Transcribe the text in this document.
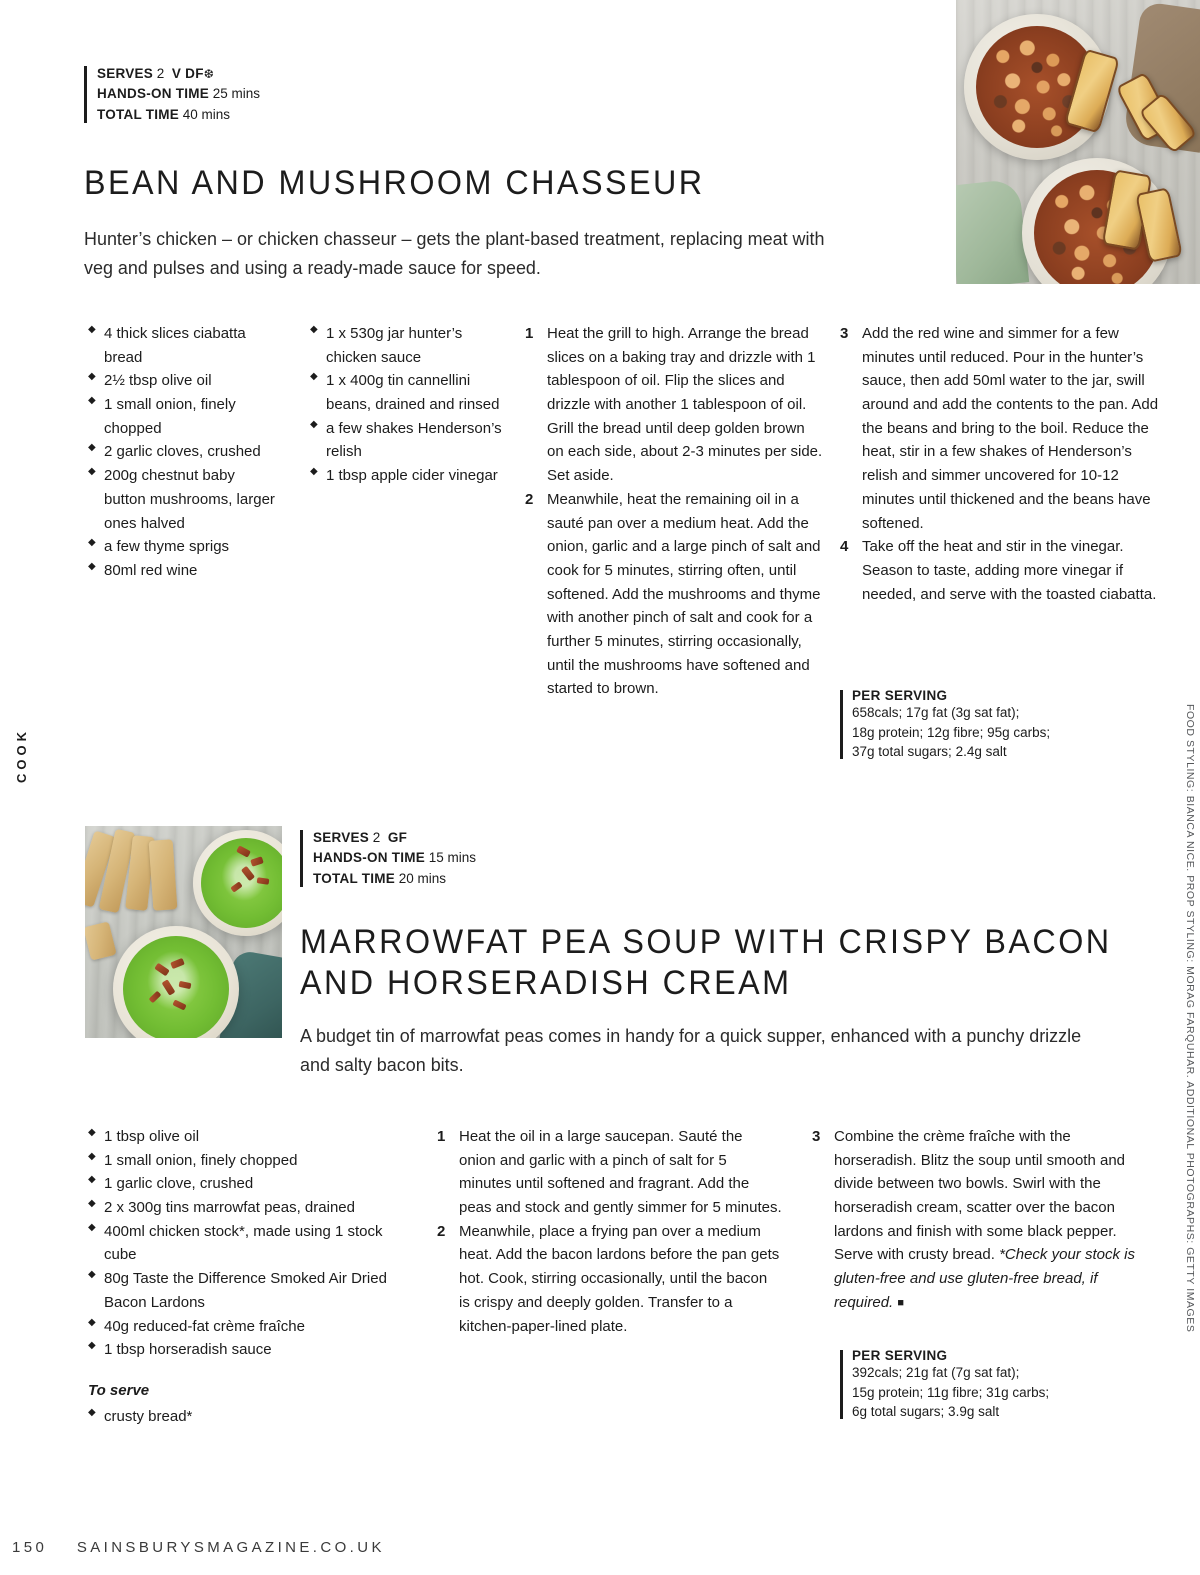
COOK	FOOD STYLING: BIANCA NICE. PROP STYLING: MORAG FARQUHAR. ADDITIONAL PHOTOGRAPHS: GETTY IMAGES
SERVES 2 V DF❆
HANDS-ON TIME 25 mins
TOTAL TIME 40 mins
BEAN AND MUSHROOM CHASSEUR

Hunter’s chicken – or chicken chasseur – gets the plant-based treatment, replacing meat with veg and pulses and using a ready-made sauce for speed.

◆ 4 thick slices ciabatta bread
◆ 2½ tbsp olive oil
◆ 1 small onion, finely chopped
◆ 2 garlic cloves, crushed
◆ 200g chestnut baby button mushrooms, larger ones halved
◆ a few thyme sprigs
◆ 80ml red wine
◆ 1 x 530g jar hunter’s chicken sauce
◆ 1 x 400g tin cannellini beans, drained and rinsed
◆ a few shakes Henderson’s relish
◆ 1 tbsp apple cider vinegar
1 Heat the grill to high. Arrange the bread slices on a baking tray and drizzle with 1 tablespoon of oil. Flip the slices and drizzle with another 1 tablespoon of oil. Grill the bread until deep golden brown on each side, about 2-3 minutes per side. Set aside.
2 Meanwhile, heat the remaining oil in a sauté pan over a medium heat. Add the onion, garlic and a large pinch of salt and cook for 5 minutes, stirring often, until softened. Add the mushrooms and thyme with another pinch of salt and cook for a further 5 minutes, stirring occasionally, until the mushrooms have softened and started to brown.
3 Add the red wine and simmer for a few minutes until reduced. Pour in the hunter’s sauce, then add 50ml water to the jar, swill around and add the contents to the pan. Add the beans and bring to the boil. Reduce the heat, stir in a few shakes of Henderson’s relish and simmer uncovered for 10-12 minutes until thickened and the beans have softened.
4 Take off the heat and stir in the vinegar. Season to taste, adding more vinegar if needed, and serve with the toasted ciabatta.
PER SERVING
658cals; 17g fat (3g sat fat);
18g protein; 12g fibre; 95g carbs;
37g total sugars; 2.4g salt
SERVES 2 GF
HANDS-ON TIME 15 mins
TOTAL TIME 20 mins
MARROWFAT PEA SOUP WITH CRISPY BACON AND HORSERADISH CREAM

A budget tin of marrowfat peas comes in handy for a quick supper, enhanced with a punchy drizzle and salty bacon bits.

◆ 1 tbsp olive oil
◆ 1 small onion, finely chopped
◆ 1 garlic clove, crushed
◆ 2 x 300g tins marrowfat peas, drained
◆ 400ml chicken stock*, made using 1 stock cube
◆ 80g Taste the Difference Smoked Air Dried Bacon Lardons
◆ 40g reduced-fat crème fraîche
◆ 1 tbsp horseradish sauce
To serve
◆ crusty bread*
1 Heat the oil in a large saucepan. Sauté the onion and garlic with a pinch of salt for 5 minutes until softened and fragrant. Add the peas and stock and gently simmer for 5 minutes.
2 Meanwhile, place a frying pan over a medium heat. Add the bacon lardons before the pan gets hot. Cook, stirring occasionally, until the bacon is crispy and deeply golden. Transfer to a kitchen-paper-lined plate.
3 Combine the crème fraîche with the horseradish. Blitz the soup until smooth and divide between two bowls. Swirl with the horseradish cream, scatter over the bacon lardons and finish with some black pepper. Serve with crusty bread. *Check your stock is gluten-free and use gluten-free bread, if required. ■
PER SERVING
392cals; 21g fat (7g sat fat);
15g protein; 11g fibre; 31g carbs;
6g total sugars; 3.9g salt
150 SAINSBURYSMAGAZINE.CO.UK
